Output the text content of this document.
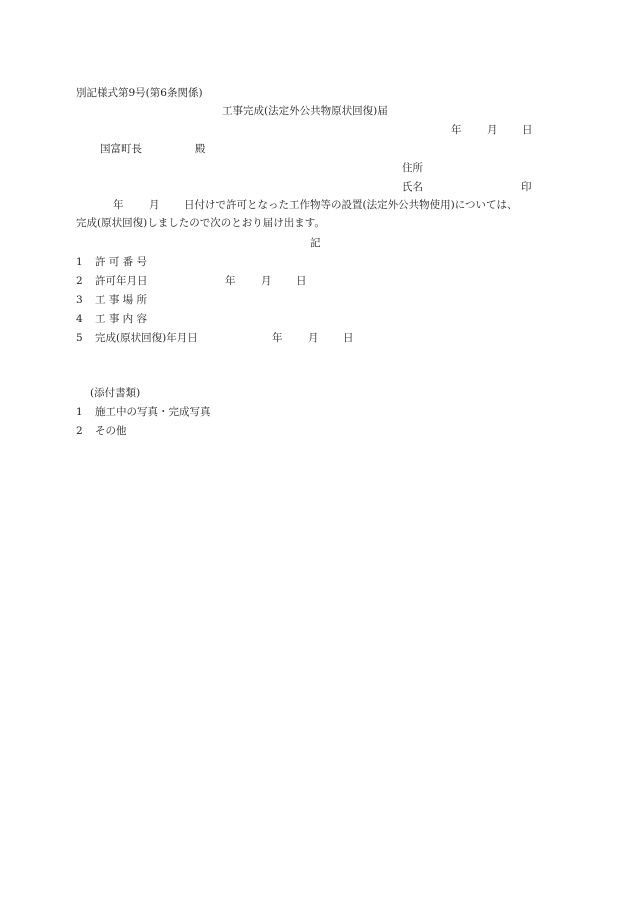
別記様式第9号(第6条関係)
工事完成(法定外公共物原状回復)届
年 月 日
国富町長	殿
住所
氏名	印
年 月 日付けで許可となった工作物等の設置(法定外公共物使用)については、
完成(原状回復)しましたので次のとおり届け出ます。
記
1 許 可 番 号
2 許可年月日	年 月 日
3 工 事 場 所
4 工 事 内 容
5 完成(原状回復)年月日	年 月 日
(添付書類)
1 施工中の写真・完成写真
2 その他
